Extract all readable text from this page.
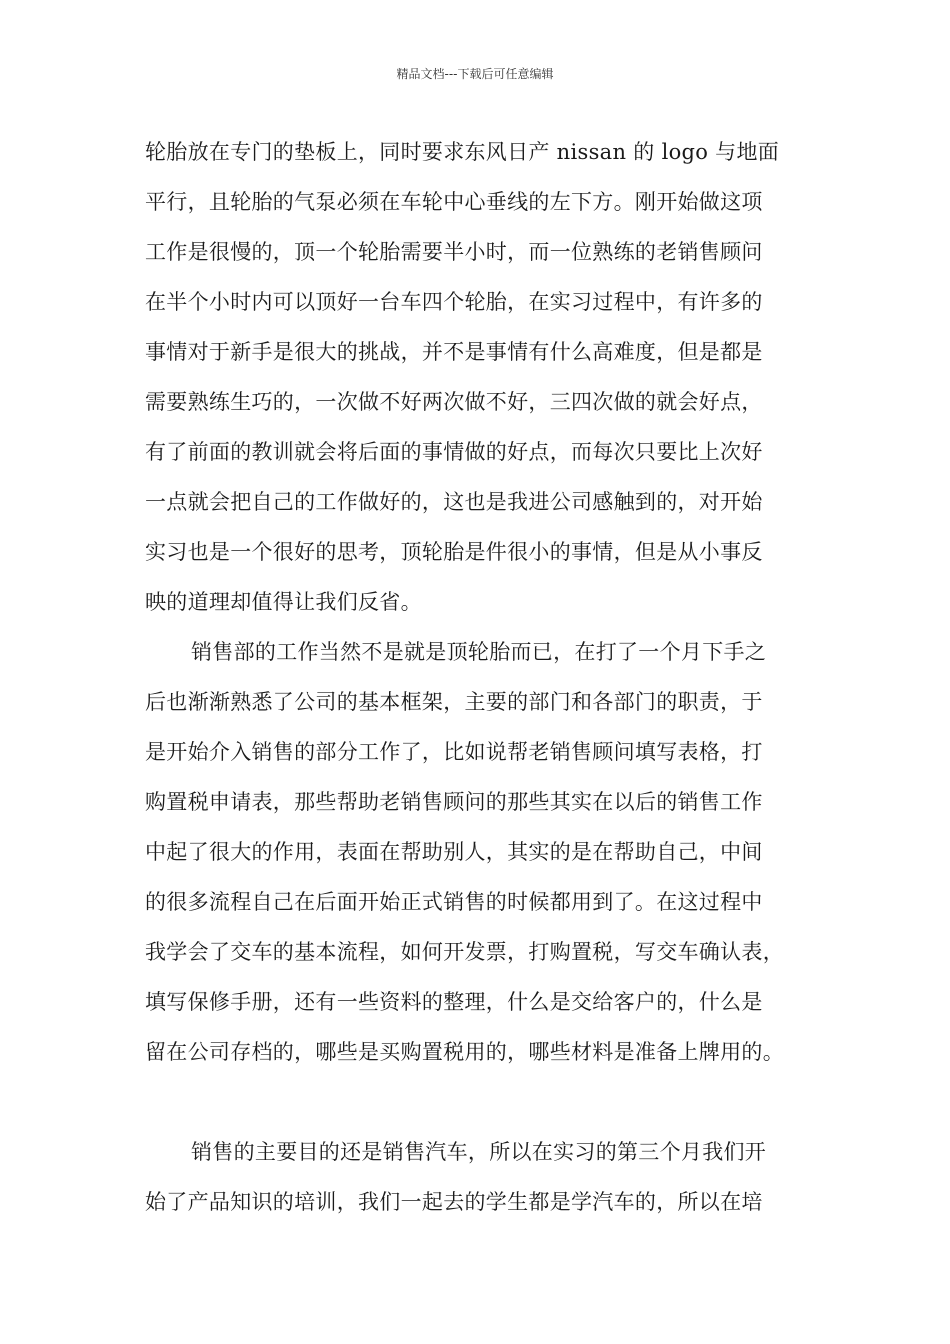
精品文档---下载后可任意编辑
轮胎放在专门的垫板上，同时要求东风日产 nissan 的 logo 与地面
平行，且轮胎的气泵必须在车轮中心垂线的左下方。刚开始做这项
工作是很慢的，顶一个轮胎需要半小时，而一位熟练的老销售顾问
在半个小时内可以顶好一台车四个轮胎，在实习过程中，有许多的
事情对于新手是很大的挑战，并不是事情有什么高难度，但是都是
需要熟练生巧的，一次做不好两次做不好，三四次做的就会好点，
有了前面的教训就会将后面的事情做的好点，而每次只要比上次好
一点就会把自己的工作做好的，这也是我进公司感触到的，对开始
实习也是一个很好的思考，顶轮胎是件很小的事情，但是从小事反
映的道理却值得让我们反省。
销售部的工作当然不是就是顶轮胎而已，在打了一个月下手之
后也渐渐熟悉了公司的基本框架，主要的部门和各部门的职责，于
是开始介入销售的部分工作了，比如说帮老销售顾问填写表格，打
购置税申请表，那些帮助老销售顾问的那些其实在以后的销售工作
中起了很大的作用，表面在帮助别人，其实的是在帮助自己，中间
的很多流程自己在后面开始正式销售的时候都用到了。在这过程中
我学会了交车的基本流程，如何开发票，打购置税，写交车确认表，
填写保修手册，还有一些资料的整理，什么是交给客户的，什么是
留在公司存档的，哪些是买购置税用的，哪些材料是准备上牌用的。
销售的主要目的还是销售汽车，所以在实习的第三个月我们开
始了产品知识的培训，我们一起去的学生都是学汽车的，所以在培
